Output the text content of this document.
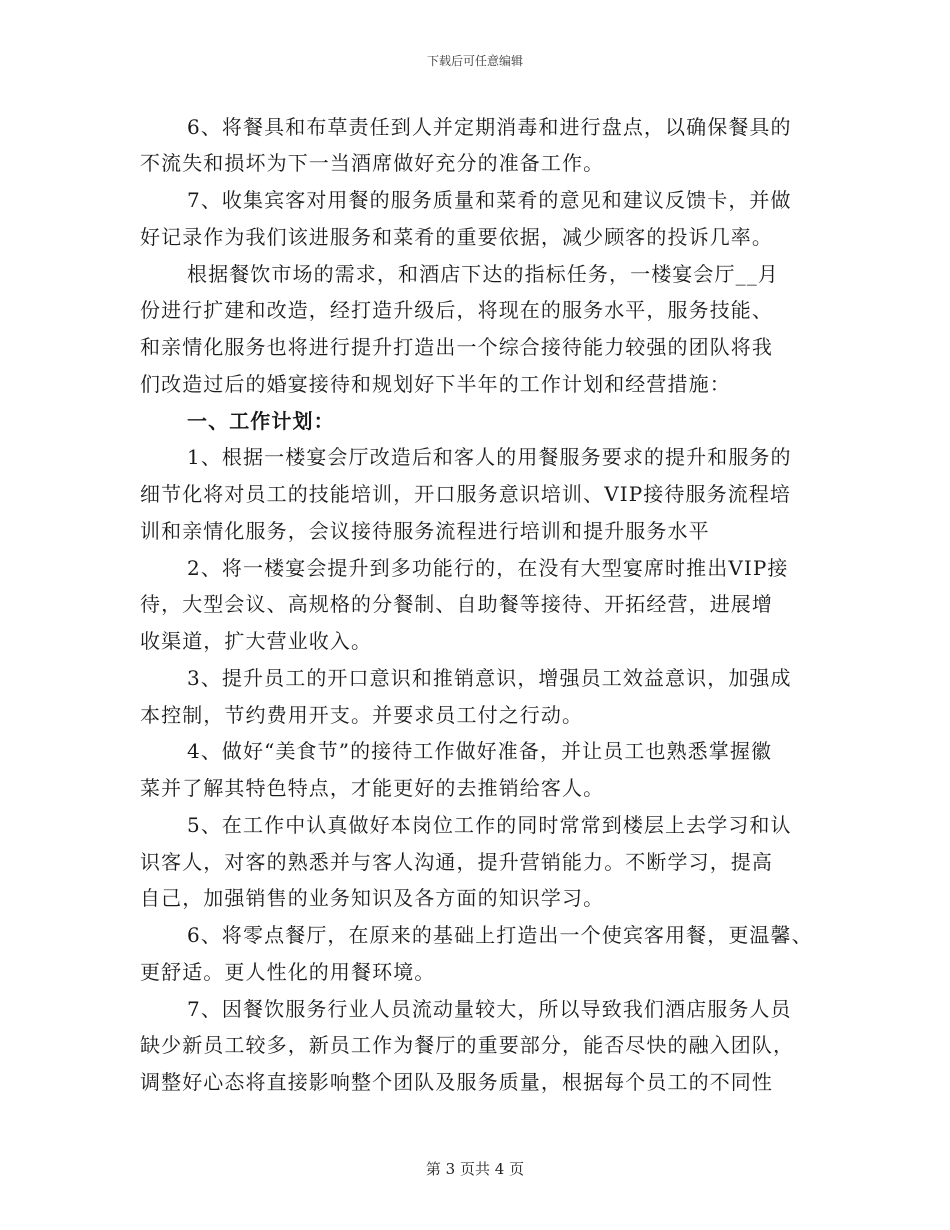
下载后可任意编辑
6、将餐具和布草责任到人并定期消毒和进行盘点，以确保餐具的
不流失和损坏为下一当酒席做好充分的准备工作。
7、收集宾客对用餐的服务质量和菜肴的意见和建议反馈卡，并做
好记录作为我们该进服务和菜肴的重要依据，减少顾客的投诉几率。
根据餐饮市场的需求，和酒店下达的指标任务，一楼宴会厅__月
份进行扩建和改造，经打造升级后，将现在的服务水平，服务技能、
和亲情化服务也将进行提升打造出一个综合接待能力较强的团队将我
们改造过后的婚宴接待和规划好下半年的工作计划和经营措施：
一、工作计划：
1、根据一楼宴会厅改造后和客人的用餐服务要求的提升和服务的
细节化将对员工的技能培训，开口服务意识培训、VIP接待服务流程培
训和亲情化服务，会议接待服务流程进行培训和提升服务水平
2、将一楼宴会提升到多功能行的，在没有大型宴席时推出VIP接
待，大型会议、高规格的分餐制、自助餐等接待、开拓经营，进展增
收渠道，扩大营业收入。
3、提升员工的开口意识和推销意识，增强员工效益意识，加强成
本控制，节约费用开支。并要求员工付之行动。
4、做好“美食节”的接待工作做好准备，并让员工也熟悉掌握徽
菜并了解其特色特点，才能更好的去推销给客人。
5、在工作中认真做好本岗位工作的同时常常到楼层上去学习和认
识客人，对客的熟悉并与客人沟通，提升营销能力。不断学习，提高
自己，加强销售的业务知识及各方面的知识学习。
6、将零点餐厅，在原来的基础上打造出一个使宾客用餐，更温馨、
更舒适。更人性化的用餐环境。
7、因餐饮服务行业人员流动量较大，所以导致我们酒店服务人员
缺少新员工较多，新员工作为餐厅的重要部分，能否尽快的融入团队，
调整好心态将直接影响整个团队及服务质量，根据每个员工的不同性
第 3 页共 4 页
